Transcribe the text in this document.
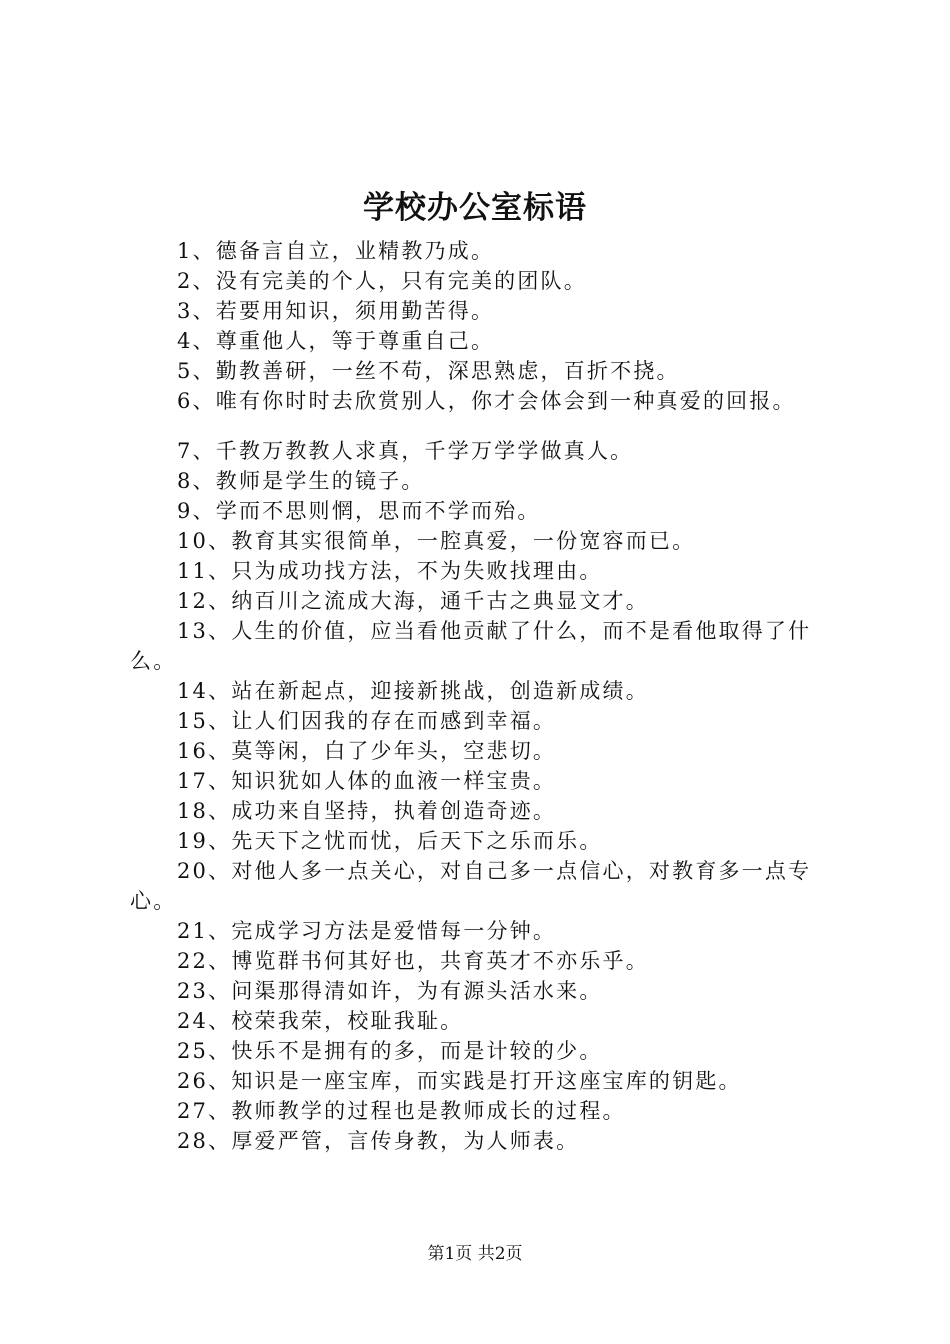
学校办公室标语

1、德备言自立，业精教乃成。

2、没有完美的个人，只有完美的团队。

3、若要用知识，须用勤苦得。

4、尊重他人，等于尊重自己。

5、勤教善研，一丝不苟，深思熟虑，百折不挠。

6、唯有你时时去欣赏别人，你才会体会到一种真爱的回报。

7、千教万教教人求真，千学万学学做真人。

8、教师是学生的镜子。

9、学而不思则惘，思而不学而殆。

10、教育其实很简单，一腔真爱，一份宽容而已。

11、只为成功找方法，不为失败找理由。

12、纳百川之流成大海，通千古之典显文才。

13、人生的价值，应当看他贡献了什么，而不是看他取得了什么。

14、站在新起点，迎接新挑战，创造新成绩。

15、让人们因我的存在而感到幸福。

16、莫等闲，白了少年头，空悲切。

17、知识犹如人体的血液一样宝贵。

18、成功来自坚持，执着创造奇迹。

19、先天下之忧而忧，后天下之乐而乐。

20、对他人多一点关心，对自己多一点信心，对教育多一点专心。

21、完成学习方法是爱惜每一分钟。

22、博览群书何其好也，共育英才不亦乐乎。

23、问渠那得清如许，为有源头活水来。

24、校荣我荣，校耻我耻。

25、快乐不是拥有的多，而是计较的少。

26、知识是一座宝库，而实践是打开这座宝库的钥匙。

27、教师教学的过程也是教师成长的过程。

28、厚爱严管，言传身教，为人师表。

第1页 共2页
